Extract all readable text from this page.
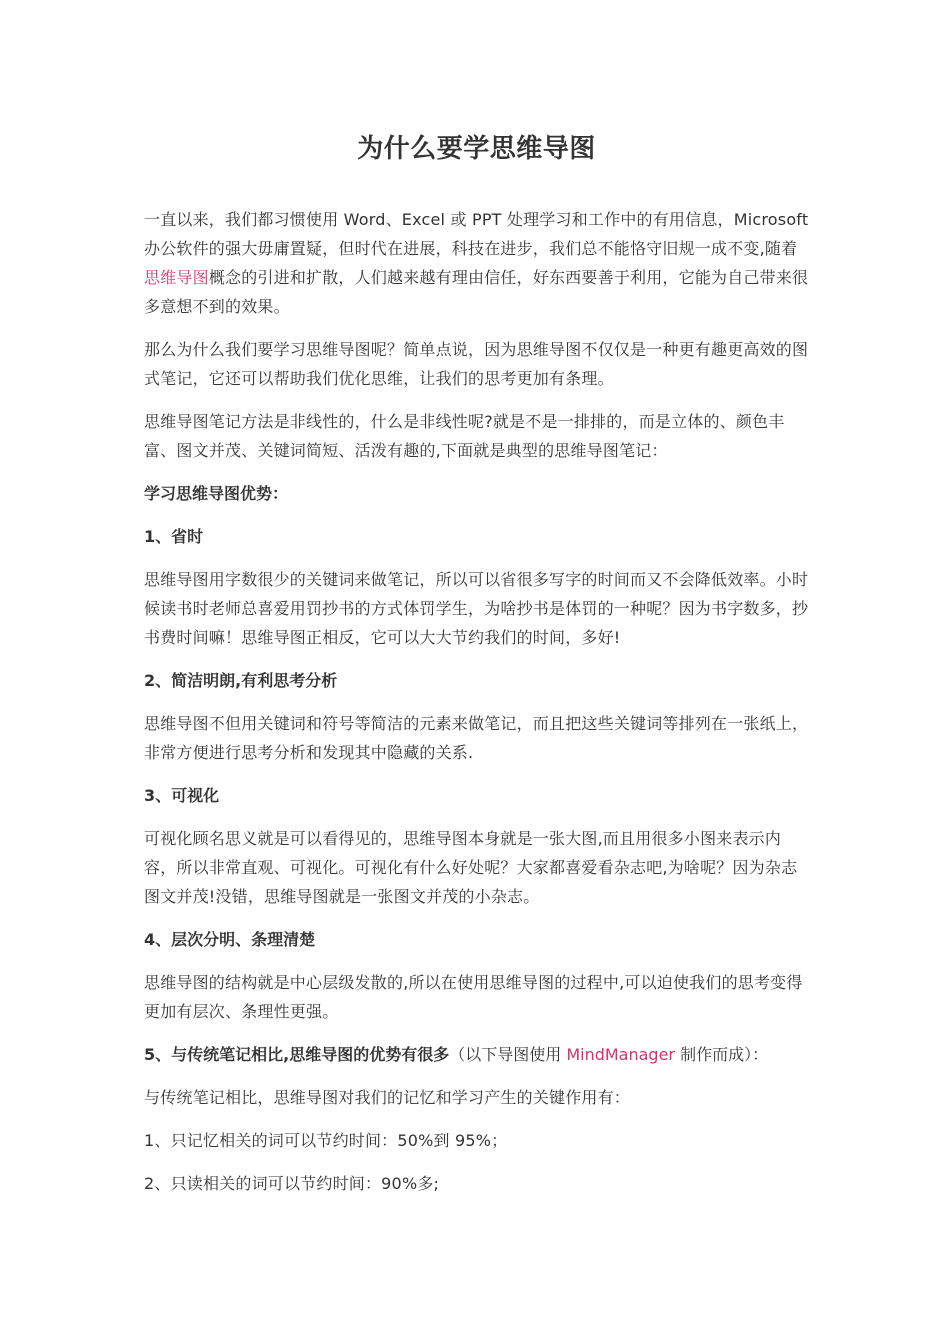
为什么要学思维导图

一直以来，我们都习惯使用 Word、Excel 或 PPT 处理学习和工作中的有用信息，Microsoft 办公软件的强大毋庸置疑，但时代在进展，科技在进步，我们总不能恪守旧规一成不变,随着思维导图概念的引进和扩散，人们越来越有理由信任，好东西要善于利用，它能为自己带来很多意想不到的效果。

那么为什么我们要学习思维导图呢？简单点说，因为思维导图不仅仅是一种更有趣更高效的图式笔记，它还可以帮助我们优化思维，让我们的思考更加有条理。

思维导图笔记方法是非线性的，什么是非线性呢?就是不是一排排的，而是立体的、颜色丰富、图文并茂、关键词简短、活泼有趣的,下面就是典型的思维导图笔记：

学习思维导图优势：

1、省时

思维导图用字数很少的关键词来做笔记，所以可以省很多写字的时间而又不会降低效率。小时候读书时老师总喜爱用罚抄书的方式体罚学生，为啥抄书是体罚的一种呢？因为书字数多，抄书费时间嘛！思维导图正相反，它可以大大节约我们的时间，多好!

2、简洁明朗,有利思考分析

思维导图不但用关键词和符号等简洁的元素来做笔记，而且把这些关键词等排列在一张纸上，非常方便进行思考分析和发现其中隐藏的关系.

3、可视化

可视化顾名思义就是可以看得见的，思维导图本身就是一张大图,而且用很多小图来表示内容，所以非常直观、可视化。可视化有什么好处呢？大家都喜爱看杂志吧,为啥呢？因为杂志图文并茂!没错，思维导图就是一张图文并茂的小杂志。

4、层次分明、条理清楚

思维导图的结构就是中心层级发散的,所以在使用思维导图的过程中,可以迫使我们的思考变得更加有层次、条理性更强。

5、与传统笔记相比,思维导图的优势有很多（以下导图使用 MindManager 制作而成）：

与传统笔记相比，思维导图对我们的记忆和学习产生的关键作用有：

1、只记忆相关的词可以节约时间：50%到 95%；

2、只读相关的词可以节约时间：90%多;
